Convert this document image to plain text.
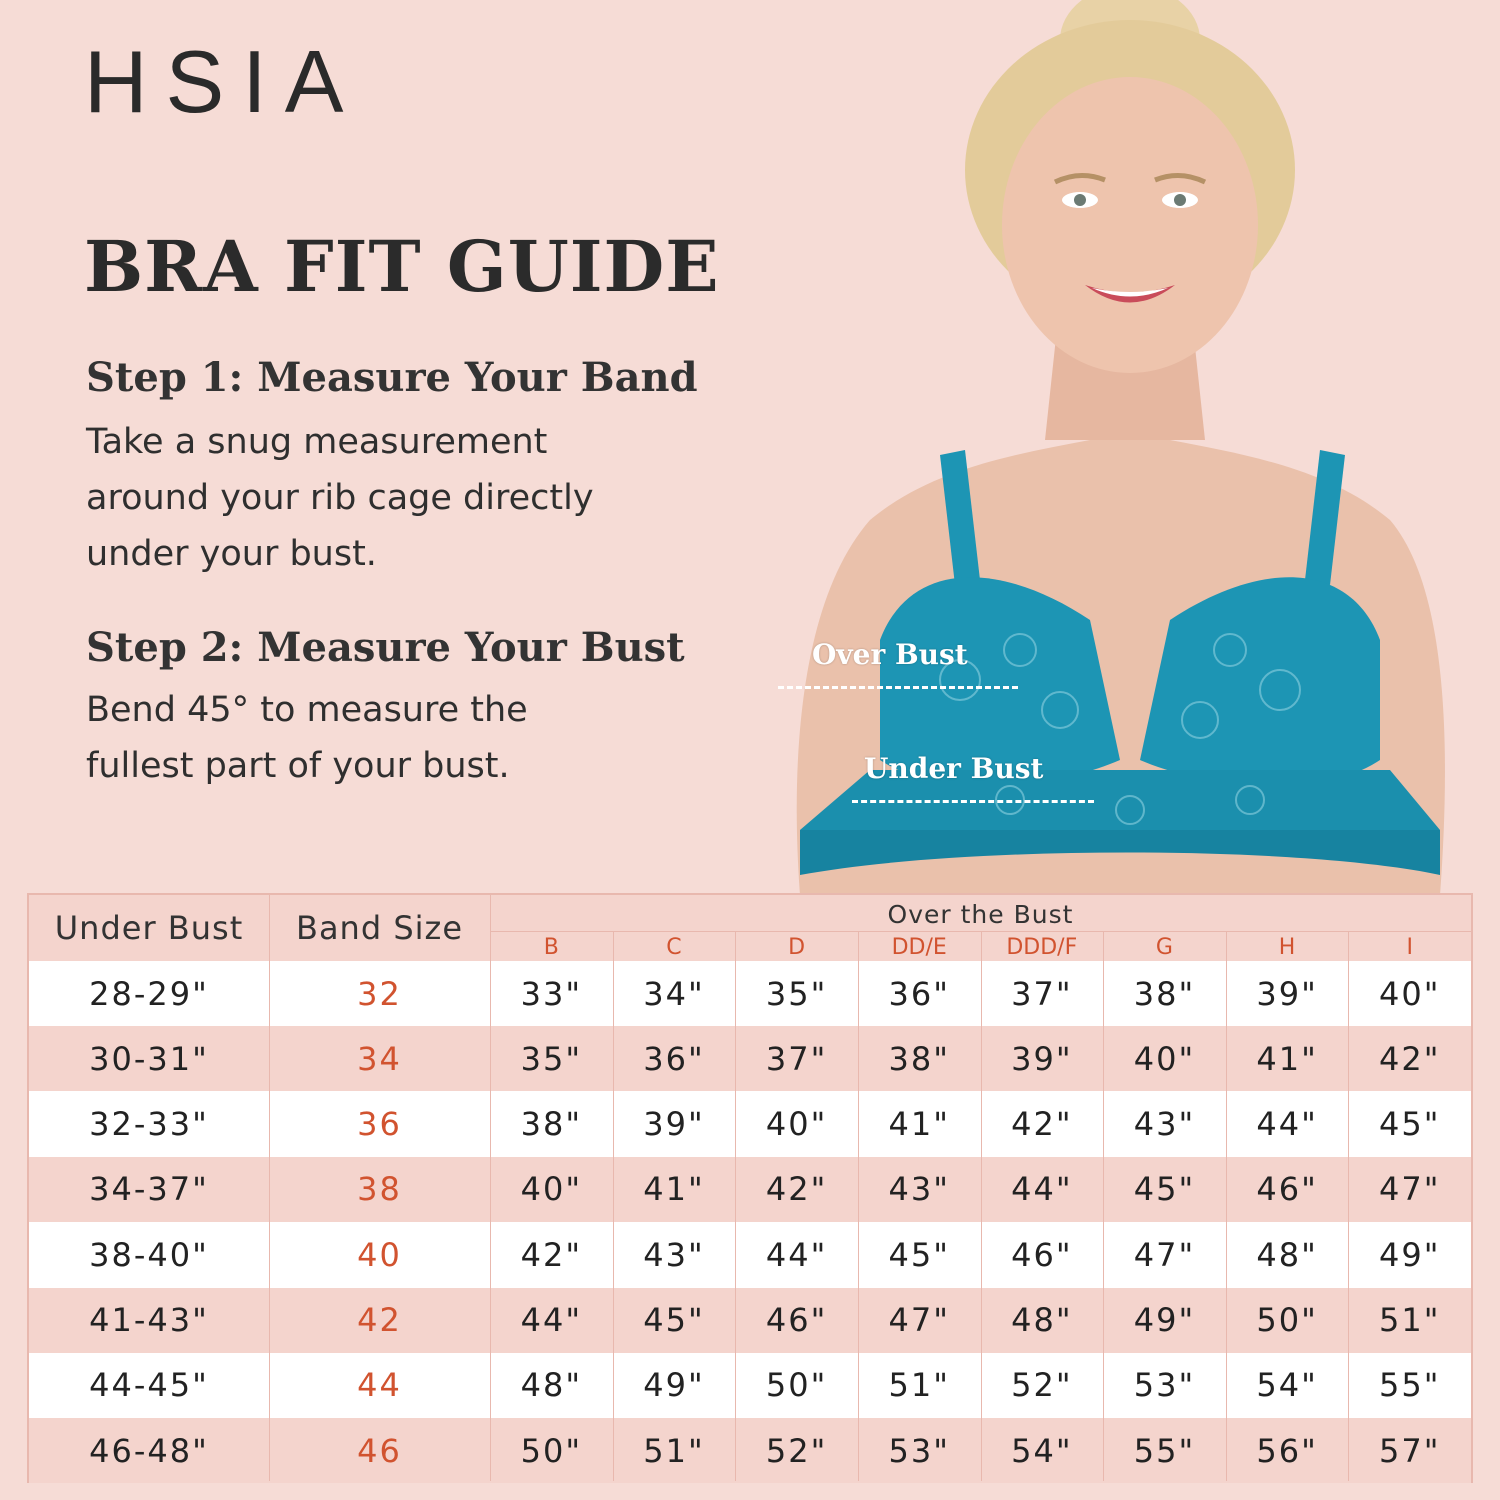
HSIA
BRA FIT GUIDE
Step 1: Measure Your Band
Take a snug measurement around your rib cage directly under your bust.
Step 2: Measure Your Bust
Bend 45° to measure the fullest part of your bust.
Over Bust
Under Bust
Under Bust	Band Size	Over the Bust
B	C	D	DD/E	DDD/F	G	H	I
28-29"	32	33"	34"	35"	36"	37"	38"	39"	40"
30-31"	34	35"	36"	37"	38"	39"	40"	41"	42"
32-33"	36	38"	39"	40"	41"	42"	43"	44"	45"
34-37"	38	40"	41"	42"	43"	44"	45"	46"	47"
38-40"	40	42"	43"	44"	45"	46"	47"	48"	49"
41-43"	42	44"	45"	46"	47"	48"	49"	50"	51"
44-45"	44	48"	49"	50"	51"	52"	53"	54"	55"
46-48"	46	50"	51"	52"	53"	54"	55"	56"	57"
